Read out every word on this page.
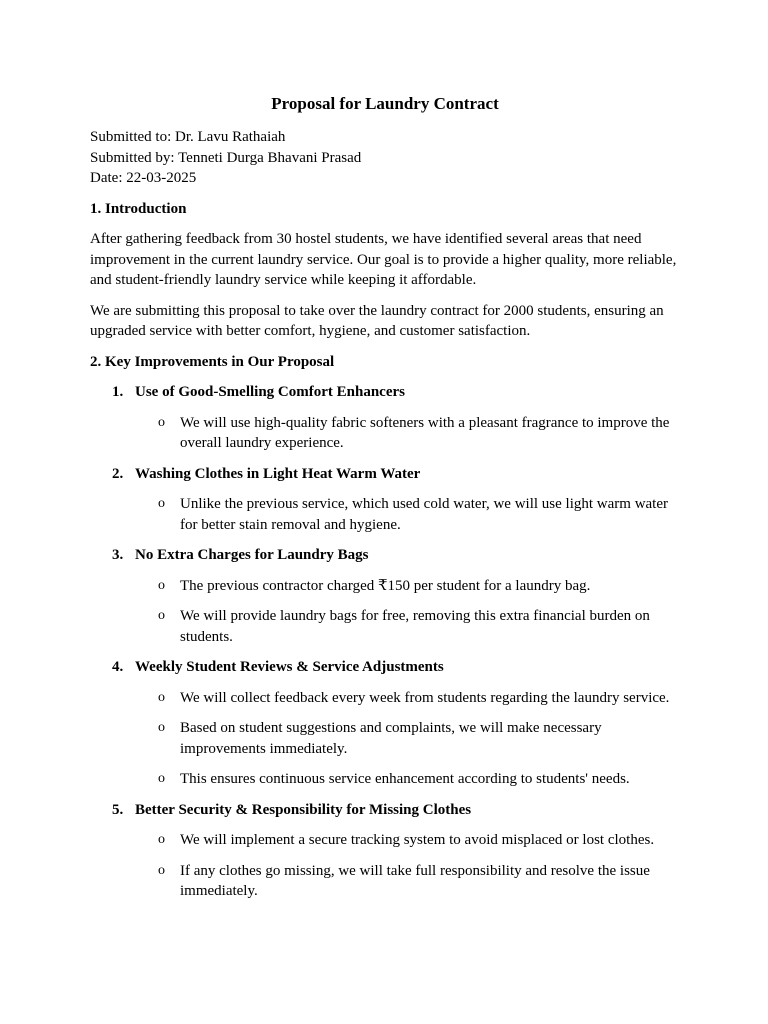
Proposal for Laundry Contract

Submitted to: Dr. Lavu Rathaiah

Submitted by: Tenneti Durga Bhavani Prasad

Date: 22-03-2025

1. Introduction

After gathering feedback from 30 hostel students, we have identified several areas that need improvement in the current laundry service. Our goal is to provide a higher quality, more reliable, and student-friendly laundry service while keeping it affordable.

We are submitting this proposal to take over the laundry contract for 2000 students, ensuring an upgraded service with better comfort, hygiene, and customer satisfaction.

2. Key Improvements in Our Proposal

1. Use of Good-Smelling Comfort Enhancers

o We will use high-quality fabric softeners with a pleasant fragrance to improve the overall laundry experience.

2. Washing Clothes in Light Heat Warm Water

o Unlike the previous service, which used cold water, we will use light warm water for better stain removal and hygiene.

3. No Extra Charges for Laundry Bags

o The previous contractor charged ₹150 per student for a laundry bag.
o We will provide laundry bags for free, removing this extra financial burden on students.

4. Weekly Student Reviews & Service Adjustments

o We will collect feedback every week from students regarding the laundry service.
o Based on student suggestions and complaints, we will make necessary improvements immediately.
o This ensures continuous service enhancement according to students' needs.

5. Better Security & Responsibility for Missing Clothes

o We will implement a secure tracking system to avoid misplaced or lost clothes.
o If any clothes go missing, we will take full responsibility and resolve the issue immediately.
